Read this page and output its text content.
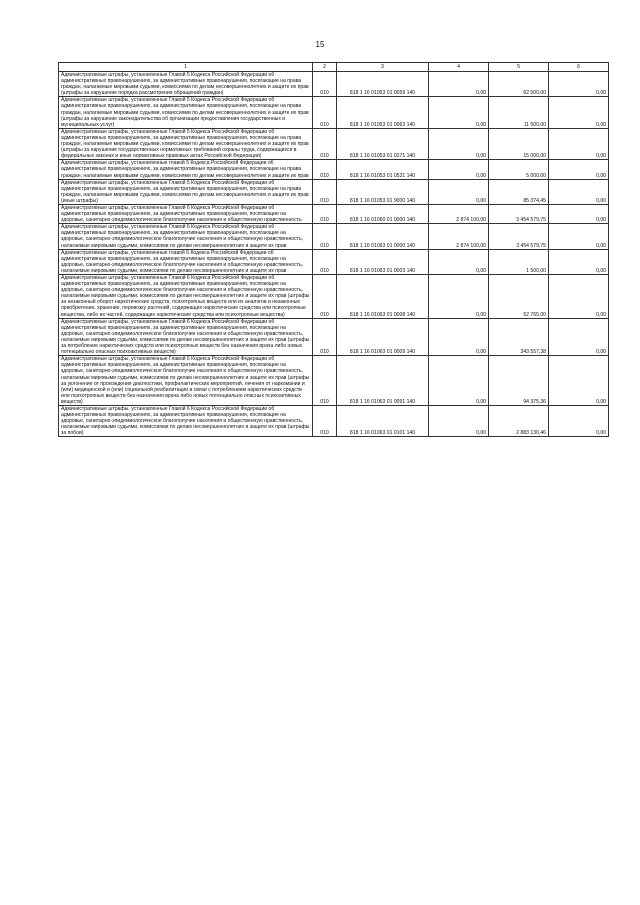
15
1	2	3	4	5	6
Административные штрафы, установленные Главой 5 Кодекса Российской Федерации об административных правонарушениях, за административные правонарушения, посягающие на права граждан, налагаемые мировыми судьями, комиссиями по делам несовершеннолетних и защите их прав (штрафы за нарушение порядка рассмотрения обращений граждан)	010	818 1 16 01053 01 0059 140	0,00	62 500,00	0,00
Административные штрафы, установленные Главой 5 Кодекса Российской Федерации об административных правонарушениях, за административные правонарушения, посягающие на права граждан, налагаемые мировыми судьями, комиссиями по делам несовершеннолетних и защите их прав (штрафы за нарушение законодательства об организации предоставления государственных и муниципальных услуг)	010	818 1 16 01053 01 0063 140	0,00	11 500,00	0,00
Административные штрафы, установленные Главой 5 Кодекса Российской Федерации об административных правонарушениях, за административные правонарушения, посягающие на права граждан, налагаемые мировыми судьями, комиссиями по делам несовершеннолетних и защите их прав (штрафы за нарушение государственных нормативных требований охраны труда, содержащихся в федеральных законах и иных нормативных правовых актах Российской Федерации)	010	818 1 16 01053 01 0271 140	0,00	15 000,00	0,00
Административные штрафы, установленные главой 5 Кодекса Российской Федерации об административных правонарушениях, за административные правонарушения, посягающие на права граждан, налагаемые мировыми судьями, комиссиями по делам несовершеннолетних и защите их прав	010	818 1 16 01053 01 0531 140	0,00	5 000,00	0,00
Административные штрафы, установленные Главой 5 Кодекса Российской Федерации об административных правонарушениях, за административные правонарушения, посягающие на права граждан, налагаемые мировыми судьями, комиссиями по делам несовершеннолетних и защите их прав (иные штрафы)	010	818 1 16 01053 01 9000 140	0,00	85 374,45	0,00
Административные штрафы, установленные Главой 6 Кодекса Российской Федерации об административных правонарушениях, за административные правонарушения, посягающие на здоровье, санитарно-эпидемиологическое благополучие населения и общественную нравственность	010	818 1 16 01060 01 0000 140	2 874 100,00	3 454 579,75	0,00
Административные штрафы, установленные Главой 6 Кодекса Российской Федерации об административных правонарушениях, за административные правонарушения, посягающие на здоровье, санитарно-эпидемиологическое благополучие населения и общественную нравственность, налагаемые мировыми судьями, комиссиями по делам несовершеннолетних и защите их прав	010	818 1 16 01063 01 0000 140	2 874 100,00	3 454 579,75	0,00
Административные штрафы, установленные главой 6 Кодекса Российской Федерации об административных правонарушениях, за административные правонарушения, посягающие на здоровье, санитарно-эпидемиологическое благополучие населения и общественную нравственность, налагаемые мировыми судьями, комиссиями по делам несовершеннолетних и защите их прав	010	818 1 16 01063 01 0003 140	0,00	1 500,00	0,00
Административные штрафы, установленные Главой 6 Кодекса Российской Федерации об административных правонарушениях, за административные правонарушения, посягающие на здоровье, санитарно-эпидемиологическое благополучие населения и общественную нравственность, налагаемые мировыми судьями, комиссиями по делам несовершеннолетних и защите их прав (штрафы за незаконный оборот наркотических средств, психотропных веществ или их аналогов и незаконные приобретение, хранение, перевозку растений, содержащих наркотические средства или психотропные вещества, либо их частей, содержащих наркотические средства или психотропные вещества)	010	818 1 16 01063 01 0008 140	0,00	52 765,00	0,00
Административные штрафы, установленные Главой 6 Кодекса Российской Федерации об административных правонарушениях, за административные правонарушения, посягающие на здоровье, санитарно-эпидемиологическое благополучие населения и общественную нравственность, налагаемые мировыми судьями, комиссиями по делам несовершеннолетних и защите их прав (штрафы за потребление наркотических средств или психотропных веществ без назначения врача либо новых потенциально опасных психоактивных веществ)	010	818 1 16 01063 01 0009 140	0,00	343 557,38	0,00
Административные штрафы, установленные Главой 6 Кодекса Российской Федерации об административных правонарушениях, за административные правонарушения, посягающие на здоровье, санитарно-эпидемиологическое благополучие населения и общественную нравственность, налагаемые мировыми судьями, комиссиями по делам несовершеннолетних и защите их прав (штрафы за уклонение от прохождения диагностики, профилактических мероприятий, лечения от наркомании и (или) медицинской и (или) социальной реабилитации в связи с потреблением наркотических средств или психотропных веществ без назначения врача либо новых потенциально опасных психоактивных веществ)	010	818 1 16 01063 01 0091 140	0,00	94 375,36	0,00
Административные штрафы, установленные Главой 6 Кодекса Российской Федерации об административных правонарушениях, за административные правонарушения, посягающие на здоровье, санитарно-эпидемиологическое благополучие населения и общественную нравственность, налагаемые мировыми судьями, комиссиями по делам несовершеннолетних и защите их прав (штрафы за побои)	010	818 1 16 01063 01 0101 140	0,00	2 883 130,46	0,00
